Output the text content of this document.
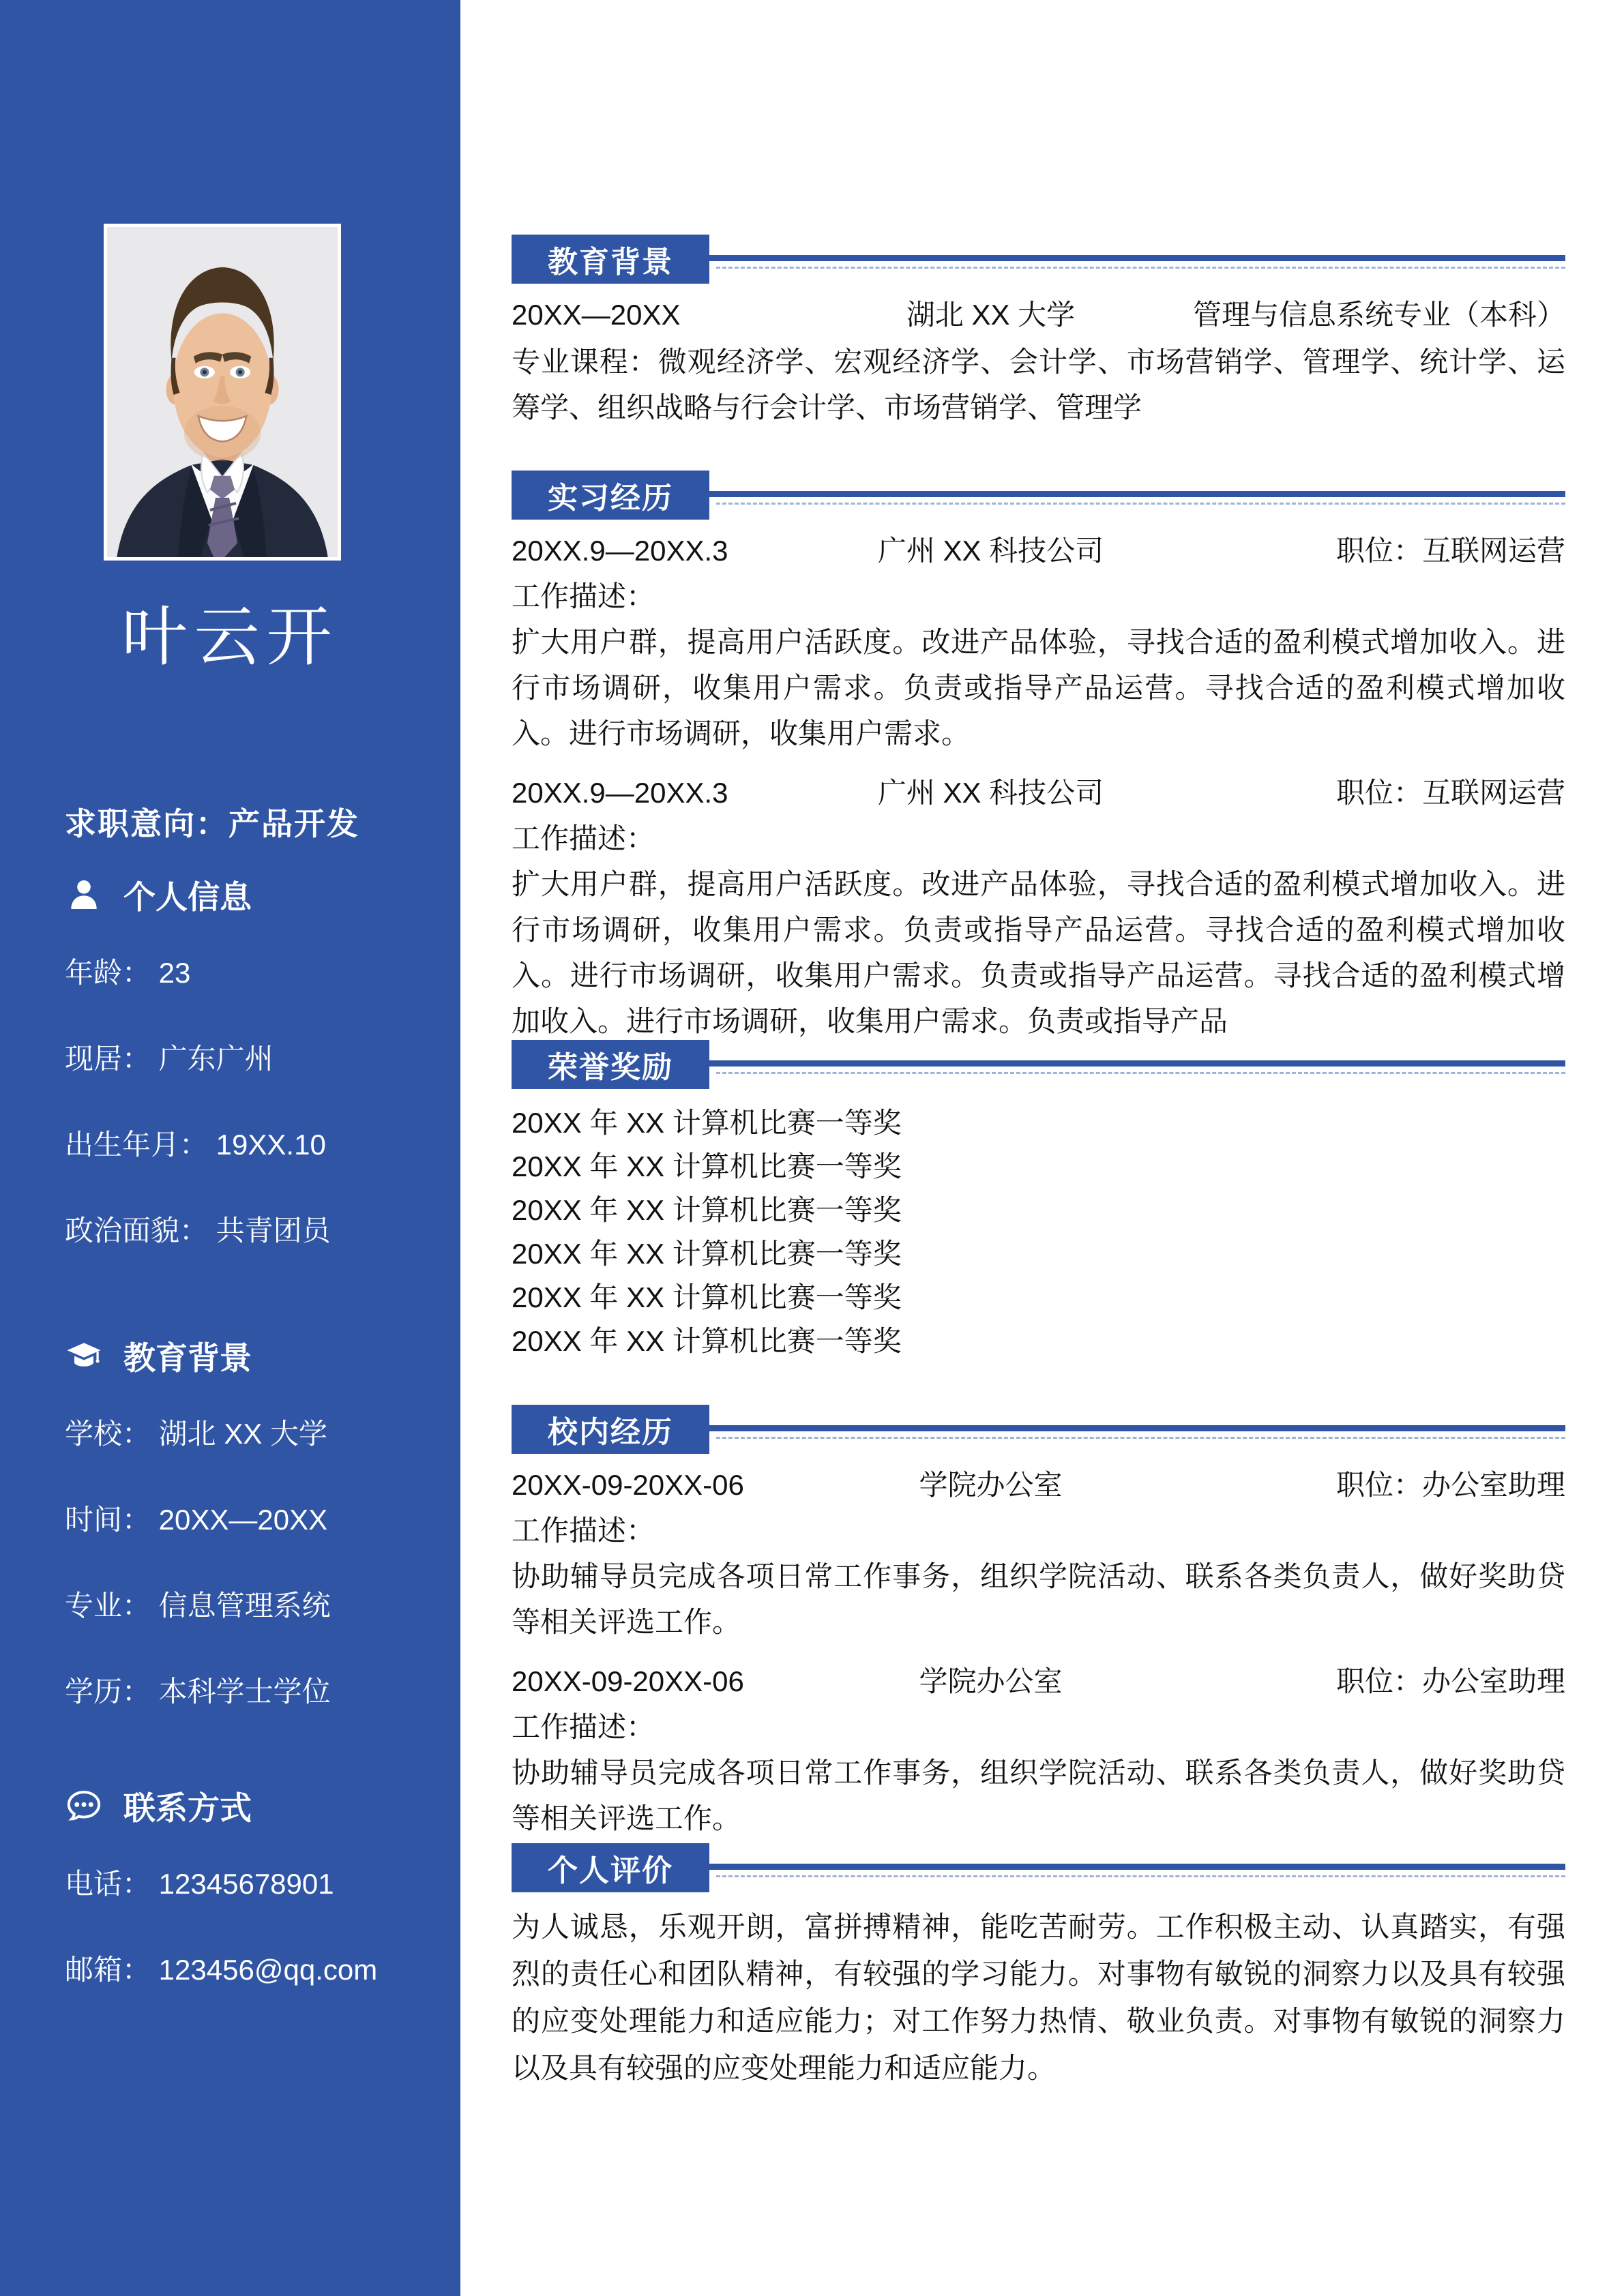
叶云开
求职意向：产品开发
个人信息
年龄： 23
现居： 广东广州
出生年月： 19XX.10
政治面貌： 共青团员
教育背景
学校： 湖北 XX 大学
时间： 20XX—20XX
专业： 信息管理系统
学历： 本科学士学位
联系方式
电话： 12345678901
邮箱： 123456@qq.com
教育背景
20XX—20XX	湖北 XX 大学	管理与信息系统专业（本科）

专业课程：微观经济学、宏观经济学、会计学、市场营销学、管理学、统计学、运筹学、组织战略与行会计学、市场营销学、管理学

实习经历
20XX.9—20XX.3	广州 XX 科技公司	职位：互联网运营
工作描述：

扩大用户群，提高用户活跃度。改进产品体验，寻找合适的盈利模式增加收入。进行市场调研，收集用户需求。负责或指导产品运营。寻找合适的盈利模式增加收入。进行市场调研，收集用户需求。

20XX.9—20XX.3	广州 XX 科技公司	职位：互联网运营
工作描述：

扩大用户群，提高用户活跃度。改进产品体验，寻找合适的盈利模式增加收入。进行市场调研，收集用户需求。负责或指导产品运营。寻找合适的盈利模式增加收入。进行市场调研，收集用户需求。负责或指导产品运营。寻找合适的盈利模式增加收入。进行市场调研，收集用户需求。负责或指导产品

荣誉奖励
20XX 年 XX 计算机比赛一等奖
20XX 年 XX 计算机比赛一等奖
20XX 年 XX 计算机比赛一等奖
20XX 年 XX 计算机比赛一等奖
20XX 年 XX 计算机比赛一等奖
20XX 年 XX 计算机比赛一等奖
校内经历
20XX-09-20XX-06	学院办公室	职位：办公室助理
工作描述：

协助辅导员完成各项日常工作事务，组织学院活动、联系各类负责人，做好奖助贷等相关评选工作。

20XX-09-20XX-06	学院办公室	职位：办公室助理
工作描述：

协助辅导员完成各项日常工作事务，组织学院活动、联系各类负责人，做好奖助贷等相关评选工作。

个人评价

为人诚恳，乐观开朗，富拼搏精神，能吃苦耐劳。工作积极主动、认真踏实，有强烈的责任心和团队精神，有较强的学习能力。对事物有敏锐的洞察力以及具有较强的应变处理能力和适应能力；对工作努力热情、敬业负责。对事物有敏锐的洞察力以及具有较强的应变处理能力和适应能力。
